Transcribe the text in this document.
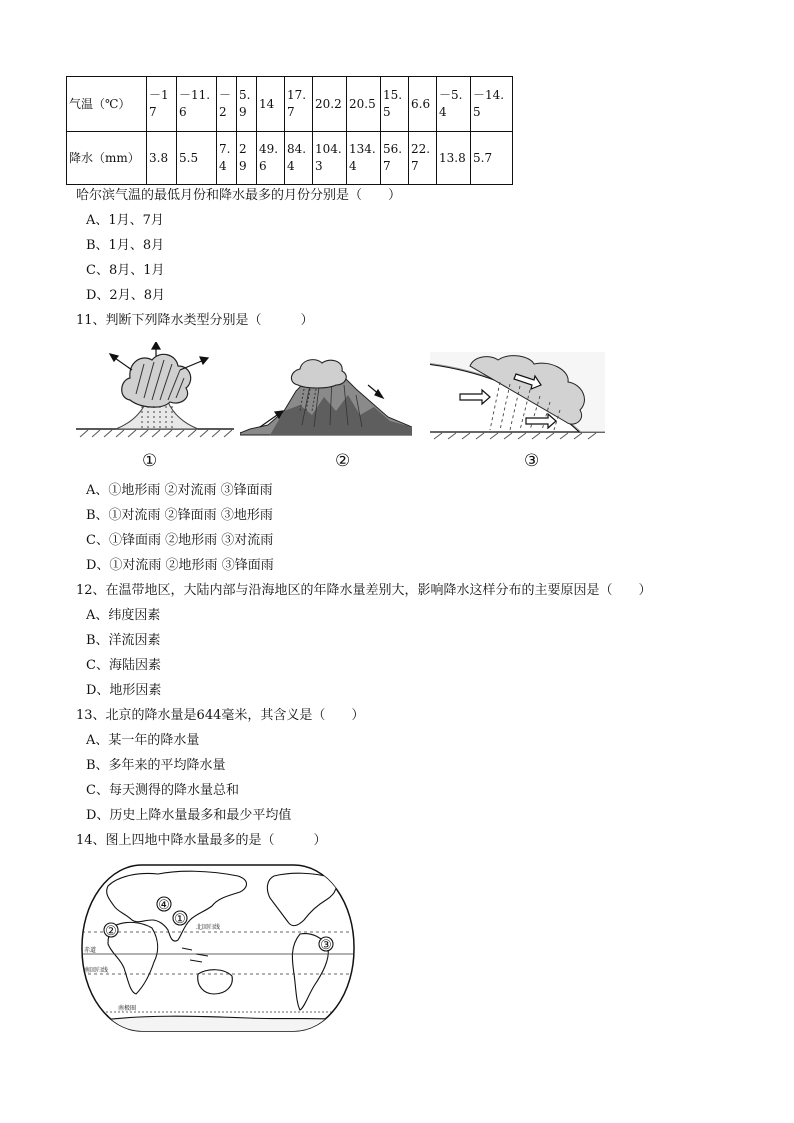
气温（℃）	－17	－11.6	－2	5.9	14	17.7	20.2	20.5	15.5	6.6	－5.4	－14.5
降水（mm）	3.8	5.5	7.4	29	49.6	84.4	104.3	134.4	56.7	22.7	13.8	5.7
哈尔滨气温的最低月份和降水最多的月份分别是（　　）
A、1月、7月
B、1月、8月
C、8月、1月
D、2月、8月
11、判断下列降水类型分别是（　　　）
①	②	③
A、①地形雨 ②对流雨 ③锋面雨
B、①对流雨 ②锋面雨 ③地形雨
C、①锋面雨 ②地形雨 ③对流雨
D、①对流雨 ②地形雨 ③锋面雨
12、在温带地区，大陆内部与沿海地区的年降水量差别大，影响降水这样分布的主要原因是（　　）
A、纬度因素
B、洋流因素
C、海陆因素
D、地形因素
13、北京的降水量是644毫米，其含义是（　　）
A、某一年的降水量
B、多年来的平均降水量
C、每天测得的降水量总和
D、历史上降水量最多和最少平均值
14、图上四地中降水量最多的是（　　　）
①
②
③
④
北回归线
赤道
南回归线
南极圈
